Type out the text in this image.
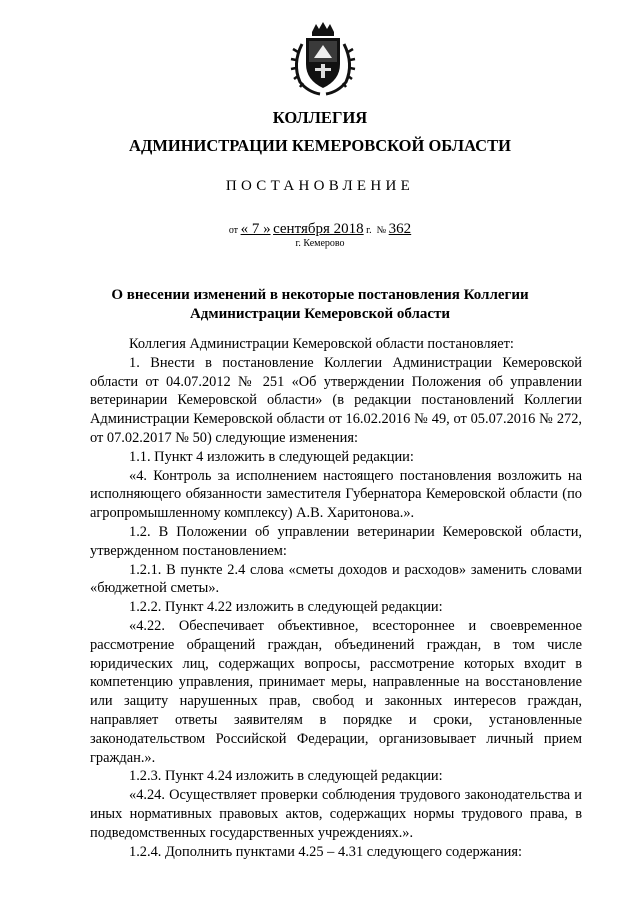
КОЛЛЕГИЯ
АДМИНИСТРАЦИИ КЕМЕРОВСКОЙ ОБЛАСТИ
ПОСТАНОВЛЕНИЕ
от « 7 » сентября 2018 г. № 362
г. Кемерово
О внесении изменений в некоторые постановления Коллегии
Администрации Кемеровской области

Коллегия Администрации Кемеровской области постановляет:

1. Внести в постановление Коллегии Администрации Кемеровской области от 04.07.2012 № 251 «Об утверждении Положения об управлении ветеринарии Кемеровской области» (в редакции постановлений Коллегии Администрации Кемеровской области от 16.02.2016 № 49, от 05.07.2016 № 272, от 07.02.2017 № 50) следующие изменения:

1.1. Пункт 4 изложить в следующей редакции:

«4. Контроль за исполнением настоящего постановления возложить на исполняющего обязанности заместителя Губернатора Кемеровской области (по агропромышленному комплексу) А.В. Харитонова.».

1.2. В Положении об управлении ветеринарии Кемеровской области, утвержденном постановлением:

1.2.1. В пункте 2.4 слова «сметы доходов и расходов» заменить словами «бюджетной сметы».

1.2.2. Пункт 4.22 изложить в следующей редакции:

«4.22. Обеспечивает объективное, всестороннее и своевременное рассмотрение обращений граждан, объединений граждан, в том числе юридических лиц, содержащих вопросы, рассмотрение которых входит в компетенцию управления, принимает меры, направленные на восстановление или защиту нарушенных прав, свобод и законных интересов граждан, направляет ответы заявителям в порядке и сроки, установленные законодательством Российской Федерации, организовывает личный прием граждан.».

1.2.3. Пункт 4.24 изложить в следующей редакции:

«4.24. Осуществляет проверки соблюдения трудового законодательства и иных нормативных правовых актов, содержащих нормы трудового права, в подведомственных государственных учреждениях.».

1.2.4. Дополнить пунктами 4.25 – 4.31 следующего содержания:
